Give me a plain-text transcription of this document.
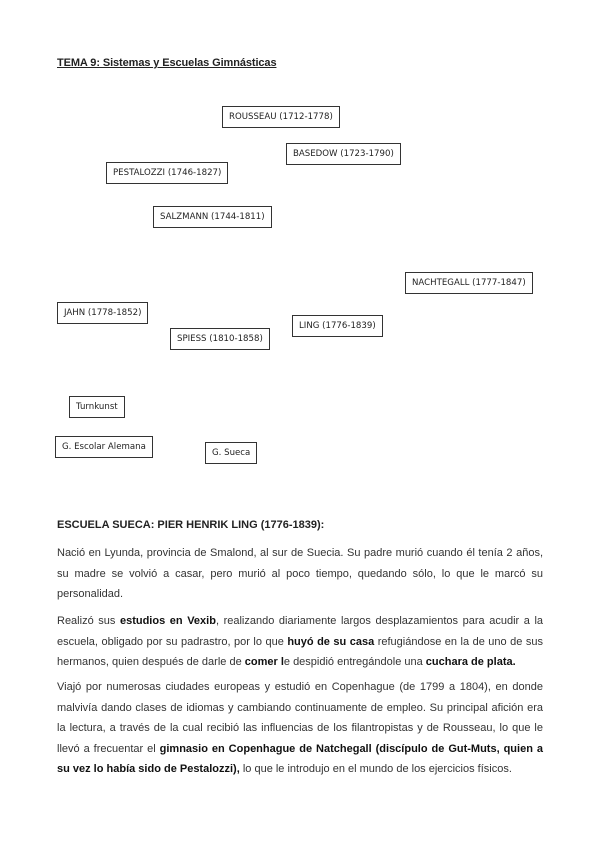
TEMA 9: Sistemas y Escuelas Gimnásticas
ROUSSEAU (1712-1778)
BASEDOW (1723-1790)
PESTALOZZI (1746-1827)
SALZMANN (1744-1811)
NACHTEGALL (1777-1847)
JAHN (1778-1852)
LING (1776-1839)
SPIESS (1810-1858)
Turnkunst
G. Escolar Alemana
G. Sueca
ESCUELA SUECA: PIER HENRIK LING (1776-1839):
Nació en Lyunda, provincia de Smalond, al sur de Suecia. Su padre murió cuando él tenía 2 años, su madre se volvió a casar, pero murió al poco tiempo, quedando sólo, lo que le marcó su personalidad.
Realizó sus estudios en Vexib, realizando diariamente largos desplazamientos para acudir a la escuela, obligado por su padrastro, por lo que huyó de su casa refugiándose en la de uno de sus hermanos, quien después de darle de comer le despidió entregándole una cuchara de plata.
Viajó por numerosas ciudades europeas y estudió en Copenhague (de 1799 a 1804), en donde malvivía dando clases de idiomas y cambiando continuamente de empleo. Su principal afición era la lectura, a través de la cual recibió las influencias de los filantropistas y de Rousseau, lo que le llevó a frecuentar el gimnasio en Copenhague de Natchegall (discípulo de Gut-Muts, quien a su vez lo había sido de Pestalozzi), lo que le introdujo en el mundo de los ejercicios físicos.
